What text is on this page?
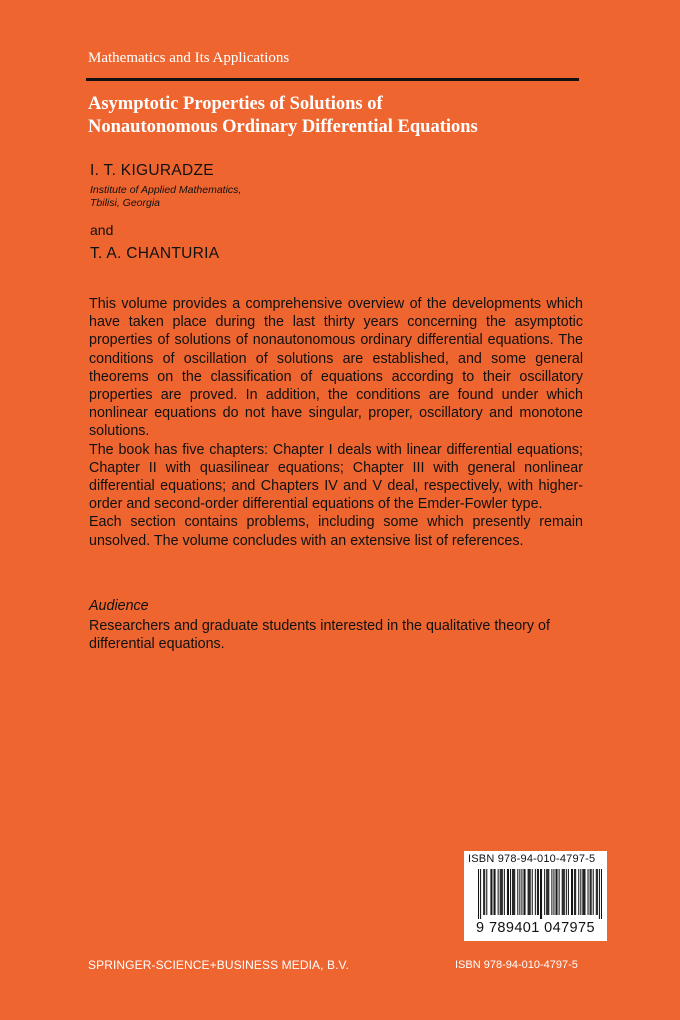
Mathematics and Its Applications
Asymptotic Properties of Solutions of
Nonautonomous Ordinary Differential Equations
I. T. KIGURADZE
Institute of Applied Mathematics,
Tbilisi, Georgia
and
T. A. CHANTURIA

This volume provides a comprehensive overview of the developments which have taken place during the last thirty years concerning the asymptotic properties of solutions of nonautonomous ordinary differential equations. The conditions of oscillation of solutions are established, and some general theorems on the classification of equations according to their oscillatory properties are proved. In addition, the conditions are found under which nonlinear equations do not have singular, proper, oscillatory and monotone solutions.

The book has five chapters: Chapter I deals with linear differential equations; Chapter II with quasilinear equations; Chapter III with general nonlinear differential equations; and Chapters IV and V deal, respectively, with higher-order and second-order differential equations of the Emder-Fowler type.

Each section contains problems, including some which presently remain unsolved. The volume concludes with an extensive list of references.

Audience
Researchers and graduate students interested in the qualitative theory of differential equations.
ISBN 978-94-010-4797-5
9 789401 047975
SPRINGER-SCIENCE+BUSINESS MEDIA, B.V.	ISBN 978-94-010-4797-5
